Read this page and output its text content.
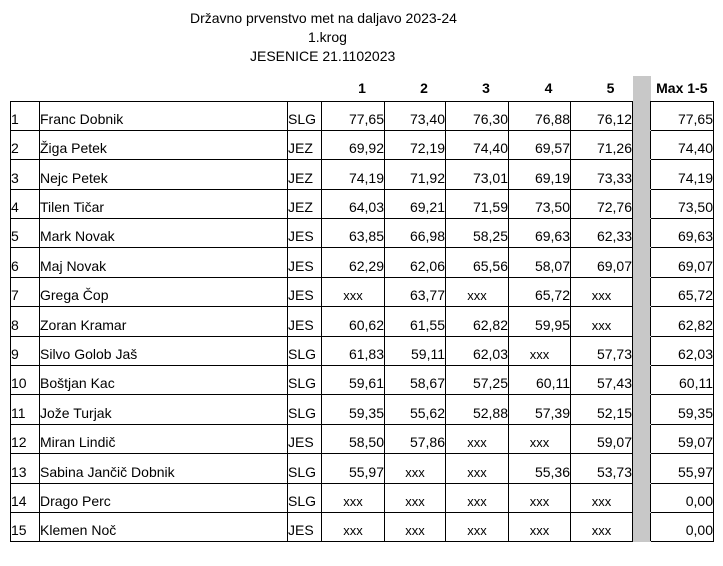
Državno prvenstvo met na daljavo 2023-24
1.krog
JESENICE 21.1102023
			1	2	3	4	5		Max 1-5
1	Franc Dobnik	SLG	77,65	73,40	76,30	76,88	76,12		77,65
2	Žiga Petek	JEZ	69,92	72,19	74,40	69,57	71,26		74,40
3	Nejc Petek	JEZ	74,19	71,92	73,01	69,19	73,33		74,19
4	Tilen Tičar	JEZ	64,03	69,21	71,59	73,50	72,76		73,50
5	Mark Novak	JES	63,85	66,98	58,25	69,63	62,33		69,63
6	Maj Novak	JES	62,29	62,06	65,56	58,07	69,07		69,07
7	Grega Čop	JES	xxx	63,77	xxx	65,72	xxx		65,72
8	Zoran Kramar	JES	60,62	61,55	62,82	59,95	xxx		62,82
9	Silvo Golob Jaš	SLG	61,83	59,11	62,03	xxx	57,73		62,03
10	Boštjan Kac	SLG	59,61	58,67	57,25	60,11	57,43		60,11
11	Jože Turjak	SLG	59,35	55,62	52,88	57,39	52,15		59,35
12	Miran Lindič	JES	58,50	57,86	xxx	xxx	59,07		59,07
13	Sabina Jančič Dobnik	SLG	55,97	xxx	xxx	55,36	53,73		55,97
14	Drago Perc	SLG	xxx	xxx	xxx	xxx	xxx		0,00
15	Klemen Noč	JES	xxx	xxx	xxx	xxx	xxx		0,00
